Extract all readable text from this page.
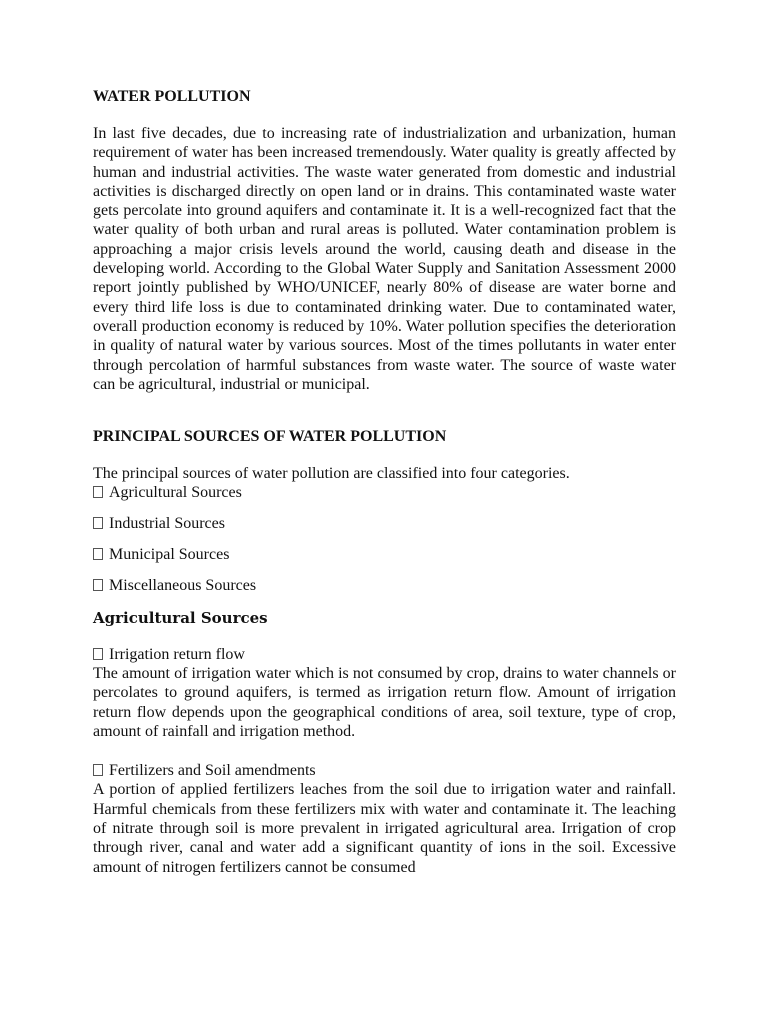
WATER POLLUTION

In last five decades, due to increasing rate of industrialization and urbanization, human requirement of water has been increased tremendously. Water quality is greatly affected by human and industrial activities. The waste water generated from domestic and industrial activities is discharged directly on open land or in drains. This contaminated waste water gets percolate into ground aquifers and contaminate it. It is a well-recognized fact that the water quality of both urban and rural areas is polluted. Water contamination problem is approaching a major crisis levels around the world, causing death and disease in the developing world. According to the Global Water Supply and Sanitation Assessment 2000 report jointly published by WHO/UNICEF, nearly 80% of disease are water borne and every third life loss is due to contaminated drinking water. Due to contaminated water, overall production economy is reduced by 10%. Water pollution specifies the deterioration in quality of natural water by various sources. Most of the times pollutants in water enter through percolation of harmful substances from waste water. The source of waste water can be agricultural, industrial or municipal.

PRINCIPAL SOURCES OF WATER POLLUTION

The principal sources of water pollution are classified into four categories.

Agricultural Sources
Industrial Sources
Municipal Sources
Miscellaneous Sources
Agricultural Sources
Irrigation return flow

The amount of irrigation water which is not consumed by crop, drains to water channels or percolates to ground aquifers, is termed as irrigation return flow. Amount of irrigation return flow depends upon the geographical conditions of area, soil texture, type of crop, amount of rainfall and irrigation method.

Fertilizers and Soil amendments

A portion of applied fertilizers leaches from the soil due to irrigation water and rainfall. Harmful chemicals from these fertilizers mix with water and contaminate it. The leaching of nitrate through soil is more prevalent in irrigated agricultural area. Irrigation of crop through river, canal and water add a significant quantity of ions in the soil. Excessive amount of nitrogen fertilizers cannot be consumed
